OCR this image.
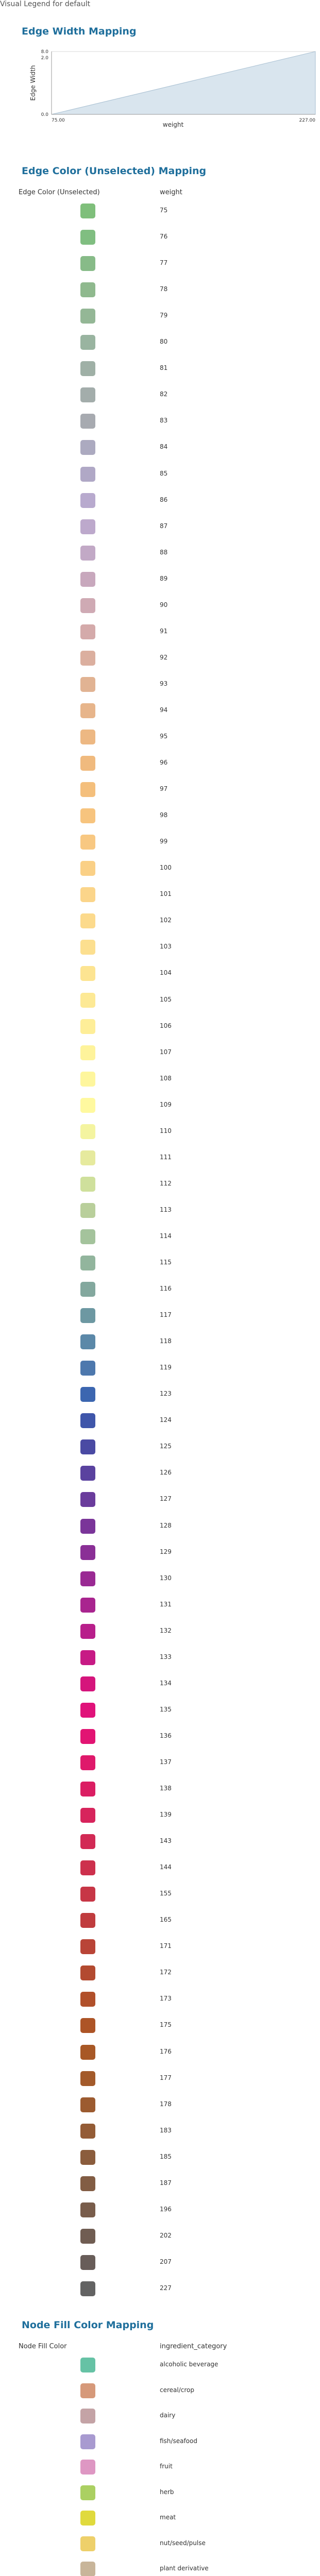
Visual Legend for default
Edge Width Mapping
8.0
2.0
0.0
75.00	227.00
Edge Width
weight
Edge Color (Unselected) Mapping
Edge Color (Unselected)	weight
75
76
77
78
79
80
81
82
83
84
85
86
87
88
89
90
91
92
93
94
95
96
97
98
99
100
101
102
103
104
105
106
107
108
109
110
111
112
113
114
115
116
117
118
119
123
124
125
126
127
128
129
130
131
132
133
134
135
136
137
138
139
143
144
155
165
171
172
173
175
176
177
178
183
185
187
196
202
207
227
Node Fill Color Mapping
Node Fill Color	ingredient_category
alcoholic beverage
cereal/crop
dairy
fish/seafood
fruit
herb
meat
nut/seed/pulse
plant derivative
